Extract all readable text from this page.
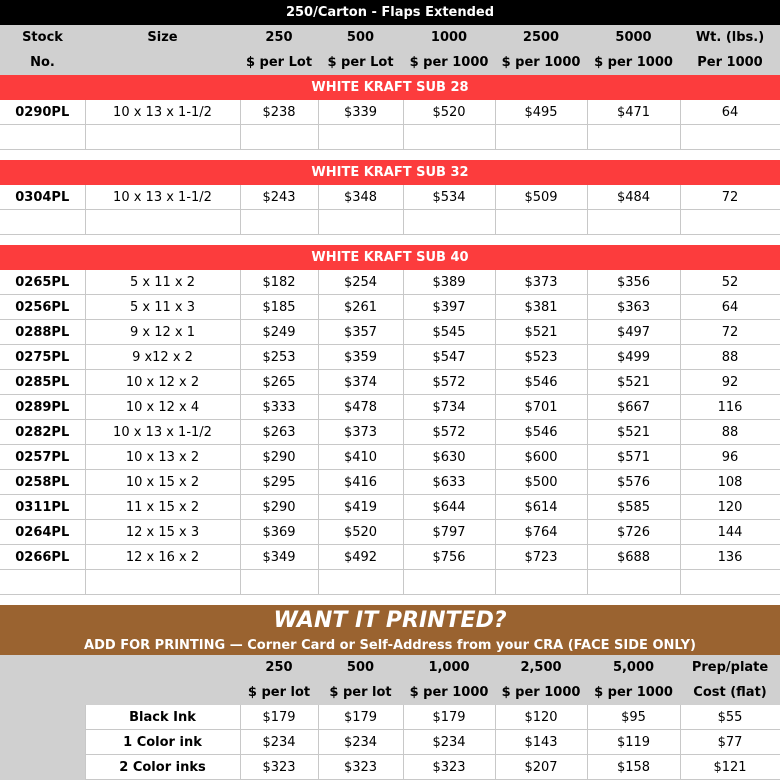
250/Carton - Flaps Extended							
Stock	Size	250	500	1000	2500	5000	Wt. (lbs.)
No.		$ per Lot	$ per Lot	$ per 1000	$ per 1000	$ per 1000	Per 1000
WHITE KRAFT SUB 28							
0290PL	10 x 13 x 1-1/2	$238	$339	$520	$495	$471	64

WHITE KRAFT SUB 32							
0304PL	10 x 13 x 1-1/2	$243	$348	$534	$509	$484	72

WHITE KRAFT SUB 40							
0265PL	5 x 11 x 2	$182	$254	$389	$373	$356	52
0256PL	5 x 11 x 3	$185	$261	$397	$381	$363	64
0288PL	9 x 12 x 1	$249	$357	$545	$521	$497	72
0275PL	9 x12 x 2	$253	$359	$547	$523	$499	88
0285PL	10 x 12 x 2	$265	$374	$572	$546	$521	92
0289PL	10 x 12 x 4	$333	$478	$734	$701	$667	116
0282PL	10 x 13 x 1-1/2	$263	$373	$572	$546	$521	88
0257PL	10 x 13 x 2	$290	$410	$630	$600	$571	96
0258PL	10 x 15 x 2	$295	$416	$633	$500	$576	108
0311PL	11 x 15 x 2	$290	$419	$644	$614	$585	120
0264PL	12 x 15 x 3	$369	$520	$797	$764	$726	144
0266PL	12 x 16 x 2	$349	$492	$756	$723	$688	136

WANT IT PRINTED?							
ADD FOR PRINTING — Corner Card or Self-Address from your CRA (FACE SIDE ONLY)							
		250	500	1,000	2,500	5,000	Prep/plate
		$ per lot	$ per lot	$ per 1000	$ per 1000	$ per 1000	Cost (flat)
	Black Ink	$179	$179	$179	$120	$95	$55
	1 Color ink	$234	$234	$234	$143	$119	$77
	2 Color inks	$323	$323	$323	$207	$158	$121
